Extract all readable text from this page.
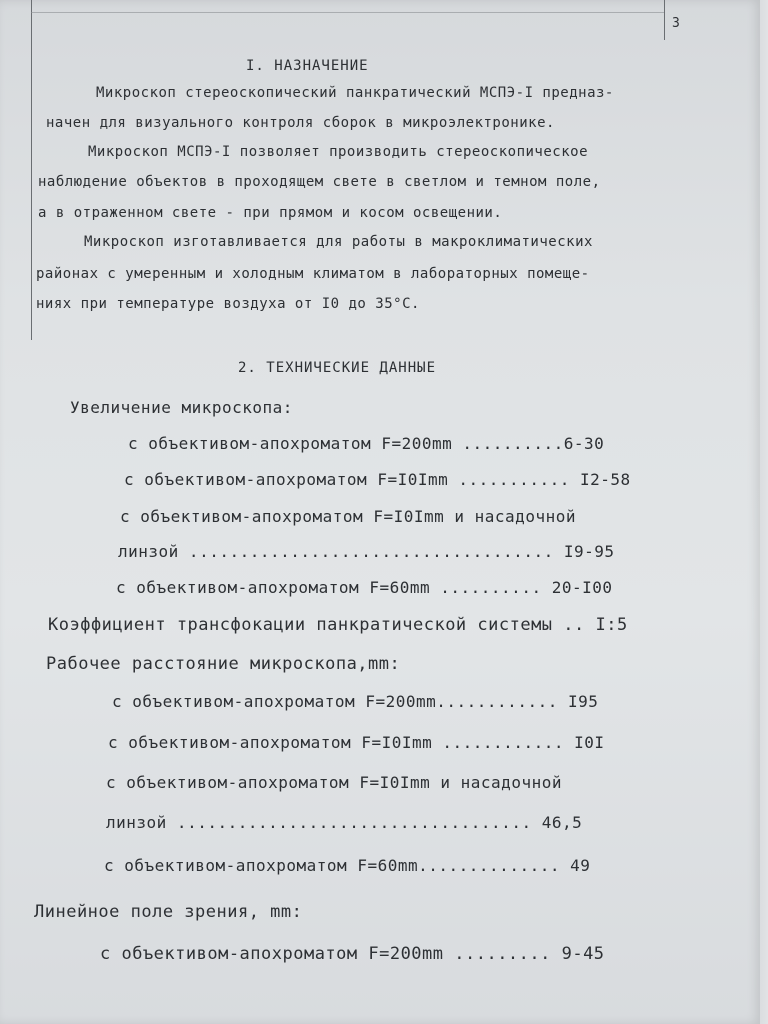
3
I. НАЗНАЧЕНИЕ
Микроскоп стереоскопический панкратический МСПЭ-I предназ-
начен для визуального контроля сборок в микроэлектронике.
Микроскоп МСПЭ-I позволяет производить стереоскопическое
наблюдение объектов в проходящем свете в светлом и темном поле,
а в отраженном свете - при прямом и косом освещении.
Микроскоп изготавливается для работы в макроклиматических
районах с умеренным и холодным климатом в лабораторных помеще-
ниях при температуре воздуха от I0 до 35°С.
2. ТЕХНИЧЕСКИЕ ДАННЫЕ
Увеличение микроскопа:
с объективом-апохроматом F=200mm ..........6-30
с объективом-апохроматом F=I0Imm ........... I2-58
с объективом-апохроматом F=I0Imm и насадочной
линзой .................................... I9-95
с объективом-апохроматом F=60mm .......... 20-I00
Коэффициент трансфокации панкратической системы .. I:5
Рабочее расстояние микроскопа,mm:
с объективом-апохроматом F=200mm............ I95
с объективом-апохроматом F=I0Imm ............ I0I
с объективом-апохроматом F=I0Imm и насадочной
линзой ................................... 46,5
с объективом-апохроматом F=60mm.............. 49
Линейное поле зрения, mm:
с объективом-апохроматом F=200mm ......... 9-45
